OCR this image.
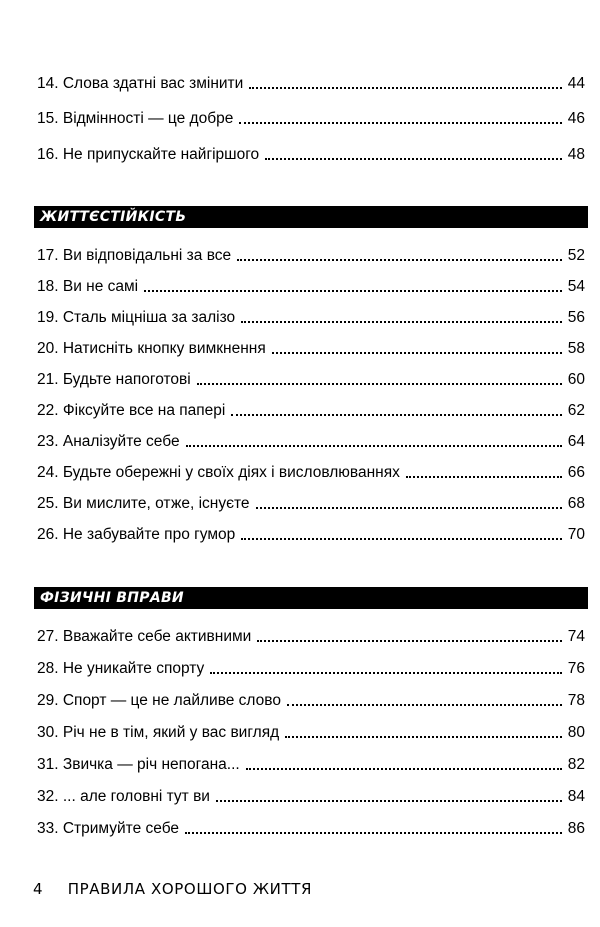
14. Слова здатні вас змінити	44
15. Відмінності — це добре	46
16. Не припускайте найгіршого	48
ЖИТТЄСТІЙКІСТЬ
17. Ви відповідальні за все	52
18. Ви не самі	54
19. Сталь міцніша за залізо	56
20. Натисніть кнопку вимкнення	58
21. Будьте напоготові	60
22. Фіксуйте все на папері	62
23. Аналізуйте себе	64
24. Будьте обережні у своїх діях і висловлюваннях	66
25. Ви мислите, отже, існуєте	68
26. Не забувайте про гумор	70
ФІЗИЧНІ ВПРАВИ
27. Вважайте себе активними	74
28. Не уникайте спорту	76
29. Спорт — це не лайливе слово	78
30. Річ не в тім, який у вас вигляд	80
31. Звичка — річ непогана...	82
32. ... але головні тут ви	84
33. Стримуйте себе	86
4 ПРАВИЛА ХОРОШОГО ЖИТТЯ
